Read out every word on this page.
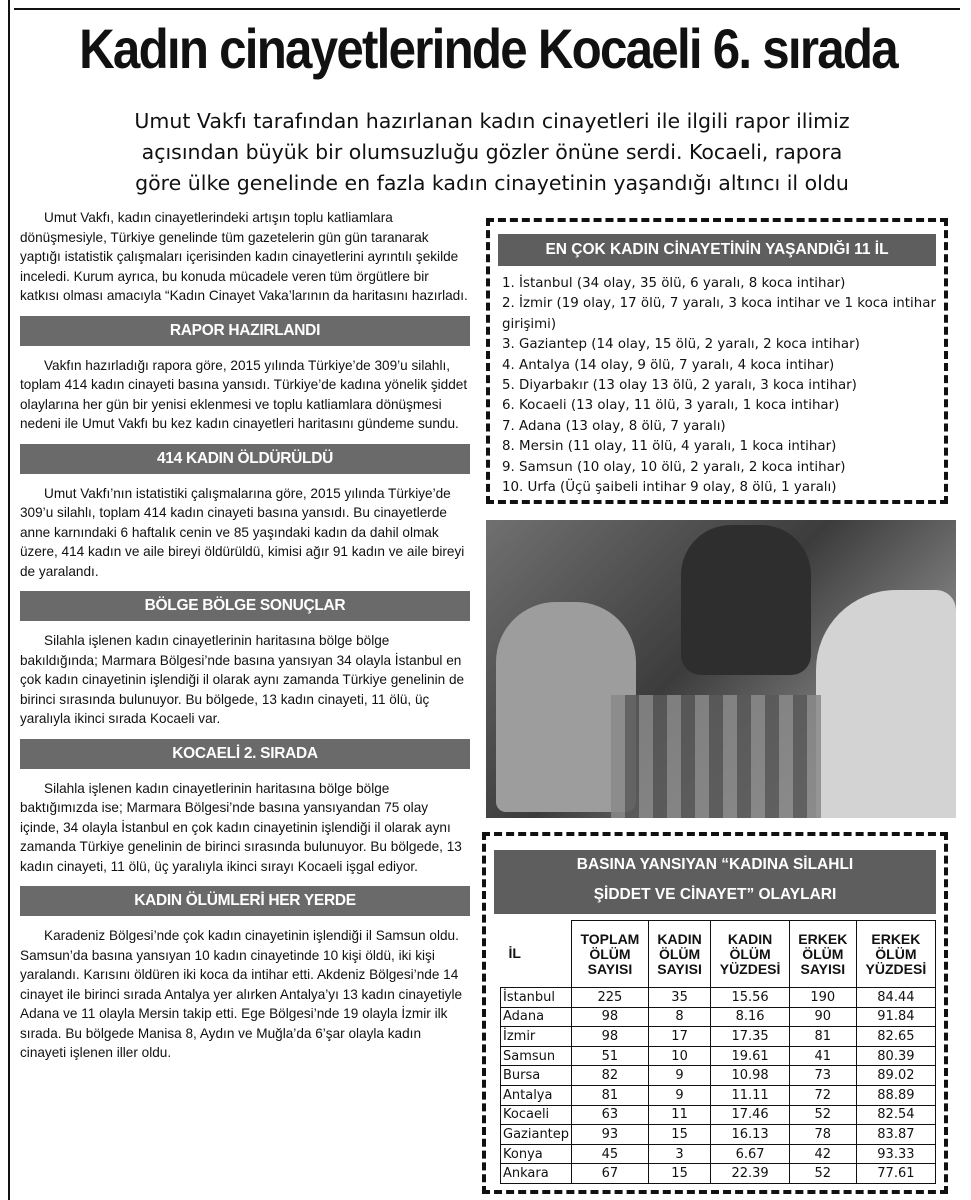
Kadın cinayetlerinde Kocaeli 6. sırada
Umut Vakfı tarafından hazırlanan kadın cinayetleri ile ilgili rapor ilimiz
açısından büyük bir olumsuzluğu gözler önüne serdi. Kocaeli, rapora
göre ülke genelinde en fazla kadın cinayetinin yaşandığı altıncı il oldu

Umut Vakfı, kadın cinayetlerindeki artışın toplu katliamlara dönüşmesiyle, Türkiye genelinde tüm gazetelerin gün gün taranarak yaptığı istatistik çalışmaları içerisinden kadın cinayetlerini ayrıntılı şekilde inceledi. Kurum ayrıca, bu konuda mücadele veren tüm örgütlere bir katkısı olması amacıyla “Kadın Cinayet Vaka’larının da haritasını hazırladı.

RAPOR HAZIRLANDI

Vakfın hazırladığı rapora göre, 2015 yılında Türkiye’de 309’u silahlı, toplam 414 kadın cinayeti basına yansıdı. Türkiye’de kadına yönelik şiddet olaylarına her gün bir yenisi eklenmesi ve toplu katliamlara dönüşmesi nedeni ile Umut Vakfı bu kez kadın cinayetleri haritasını gündeme sundu.

414 KADIN ÖLDÜRÜLDÜ

Umut Vakfı’nın istatistiki çalışmalarına göre, 2015 yılında Türkiye’de 309’u silahlı, toplam 414 kadın cinayeti basına yansıdı. Bu cinayetlerde anne karnındaki 6 haftalık cenin ve 85 yaşındaki kadın da dahil olmak üzere, 414 kadın ve aile bireyi öldürüldü, kimisi ağır 91 kadın ve aile bireyi de yaralandı.

BÖLGE BÖLGE SONUÇLAR

Silahla işlenen kadın cinayetlerinin haritasına bölge bölge bakıldığında; Marmara Bölgesi’nde basına yansıyan 34 olayla İstanbul en çok kadın cinayetinin işlendiği il olarak aynı zamanda Türkiye genelinin de birinci sırasında bulunuyor. Bu bölgede, 13 kadın cinayeti, 11 ölü, üç yaralıyla ikinci sırada Kocaeli var.

KOCAELİ 2. SIRADA

Silahla işlenen kadın cinayetlerinin haritasına bölge bölge baktığımızda ise; Marmara Bölgesi’nde basına yansıyandan 75 olay içinde, 34 olayla İstanbul en çok kadın cinayetinin işlendiği il olarak aynı zamanda Türkiye genelinin de birinci sırasında bulunuyor. Bu bölgede, 13 kadın cinayeti, 11 ölü, üç yaralıyla ikinci sırayı Kocaeli işgal ediyor.

KADIN ÖLÜMLERİ HER YERDE

Karadeniz Bölgesi’nde çok kadın cinayetinin işlendiği il Samsun oldu. Samsun’da basına yansıyan 10 kadın cinayetinde 10 kişi öldü, iki kişi yaralandı. Karısını öldüren iki koca da intihar etti. Akdeniz Bölgesi’nde 14 cinayet ile birinci sırada Antalya yer alırken Antalya’yı 13 kadın cinayetiyle Adana ve 11 olayla Mersin takip etti. Ege Bölgesi’nde 19 olayla İzmir ilk sırada. Bu bölgede Manisa 8, Aydın ve Muğla’da 6’şar olayla kadın cinayeti işlenen iller oldu.

EN ÇOK KADIN CİNAYETİNİN YAŞANDIĞI 11 İL
1. İstanbul (34 olay, 35 ölü, 6 yaralı, 8 koca intihar)
2. İzmir (19 olay, 17 ölü, 7 yaralı, 3 koca intihar ve 1 koca intihar girişimi)
3. Gaziantep (14 olay, 15 ölü, 2 yaralı, 2 koca intihar)
4. Antalya (14 olay, 9 ölü, 7 yaralı, 4 koca intihar)
5. Diyarbakır (13 olay 13 ölü, 2 yaralı, 3 koca intihar)
6. Kocaeli (13 olay, 11 ölü, 3 yaralı, 1 koca intihar)
7. Adana (13 olay, 8 ölü, 7 yaralı)
8. Mersin (11 olay, 11 ölü, 4 yaralı, 1 koca intihar)
9. Samsun (10 olay, 10 ölü, 2 yaralı, 2 koca intihar)
10. Urfa (Üçü şaibeli intihar 9 olay, 8 ölü, 1 yaralı)
BASINA YANSIYAN “KADINA SİLAHLI
ŞİDDET VE CİNAYET” OLAYLARI
İL	TOPLAM ÖLÜM SAYISI	KADIN ÖLÜM SAYISI	KADIN ÖLÜM YÜZDESİ	ERKEK ÖLÜM SAYISI	ERKEK ÖLÜM YÜZDESİ
İstanbul	225	35	15.56	190	84.44
Adana	98	8	8.16	90	91.84
İzmir	98	17	17.35	81	82.65
Samsun	51	10	19.61	41	80.39
Bursa	82	9	10.98	73	89.02
Antalya	81	9	11.11	72	88.89
Kocaeli	63	11	17.46	52	82.54
Gaziantep	93	15	16.13	78	83.87
Konya	45	3	6.67	42	93.33
Ankara	67	15	22.39	52	77.61
